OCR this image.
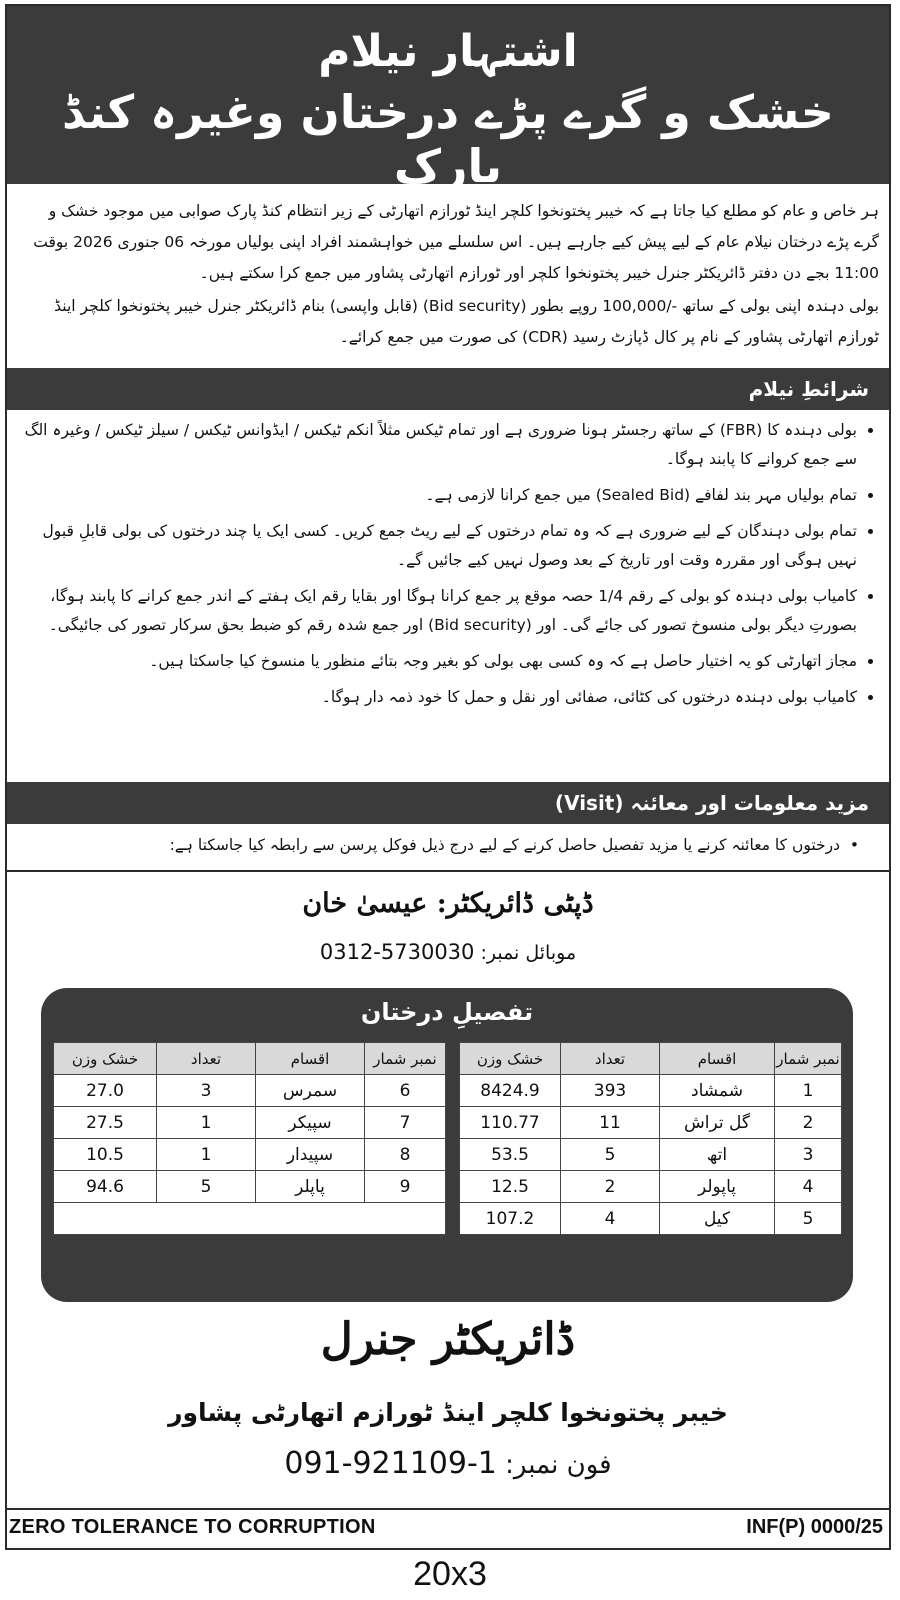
اشتہار نیلام
خشک و گرے پڑے درختان وغیرہ کنڈ پارک

ہر خاص و عام کو مطلع کیا جاتا ہے کہ خیبر پختونخوا کلچر اینڈ ٹورازم اتھارٹی کے زیر انتظام کنڈ پارک صوابی میں موجود خشک و گرے پڑے درختان نیلام عام کے لیے پیش کیے جارہے ہیں۔ اس سلسلے میں خواہشمند افراد اپنی بولیاں مورخہ 06 جنوری 2026 بوقت 11:00 بجے دن دفتر ڈائریکٹر جنرل خیبر پختونخوا کلچر اور ٹورازم اتھارٹی پشاور میں جمع کرا سکتے ہیں۔

بولی دہندہ اپنی بولی کے ساتھ -/100,000 روپے بطور (Bid security) (قابل واپسی) بنام ڈائریکٹر جنرل خیبر پختونخوا کلچر اینڈ ٹورازم اتھارٹی پشاور کے نام پر کال ڈپازٹ رسید (CDR) کی صورت میں جمع کرائے۔

شرائطِ نیلام
• بولی دہندہ کا (FBR) کے ساتھ رجسٹر ہونا ضروری ہے اور تمام ٹیکس مثلاً انکم ٹیکس / ایڈوانس ٹیکس / سیلز ٹیکس / وغیرہ الگ سے جمع کروانے کا پابند ہوگا۔
• تمام بولیاں مہر بند لفافے (Sealed Bid) میں جمع کرانا لازمی ہے۔
• تمام بولی دہندگان کے لیے ضروری ہے کہ وہ تمام درختوں کے لیے ریٹ جمع کریں۔ کسی ایک یا چند درختوں کی بولی قابلِ قبول نہیں ہوگی اور مقررہ وقت اور تاریخ کے بعد وصول نہیں کیے جائیں گے۔
• کامیاب بولی دہندہ کو بولی کے رقم 1/4 حصہ موقع پر جمع کرانا ہوگا اور بقایا رقم ایک ہفتے کے اندر جمع کرانے کا پابند ہوگا، بصورتِ دیگر بولی منسوخ تصور کی جائے گی۔ اور (Bid security) اور جمع شدہ رقم کو ضبط بحق سرکار تصور کی جائیگی۔
• مجاز اتھارٹی کو یہ اختیار حاصل ہے کہ وہ کسی بھی بولی کو بغیر وجہ بتائے منظور یا منسوخ کیا جاسکتا ہیں۔
• کامیاب بولی دہندہ درختوں کی کٹائی، صفائی اور نقل و حمل کا خود ذمہ دار ہوگا۔
مزید معلومات اور معائنہ (Visit)
•  درختوں کا معائنہ کرنے یا مزید تفصیل حاصل کرنے کے لیے درج ذیل فوکل پرسن سے رابطہ کیا جاسکتا ہے:
ڈپٹی ڈائریکٹر: عیسیٰ خان
موبائل نمبر: 0312-5730030
تفصیلِ درختان
نمبر شمار	اقسام	تعداد	خشک وزن
6	سمرس	3	27.0
7	سپیکر	1	27.5
8	سپیدار	1	10.5
9	پاپلر	5	94.6

نمبر شمار	اقسام	تعداد	خشک وزن
1	شمشاد	393	8424.9
2	گل تراش	11	110.77
3	اتھ	5	53.5
4	پاپولر	2	12.5
5	کیل	4	107.2
ڈائریکٹر جنرل
خیبر پختونخوا کلچر اینڈ ٹورازم اتھارٹی پشاور
فون نمبر: 091-921109-1
ZERO TOLERANCE TO CORRUPTION	INF(P) 0000/25
20x3
